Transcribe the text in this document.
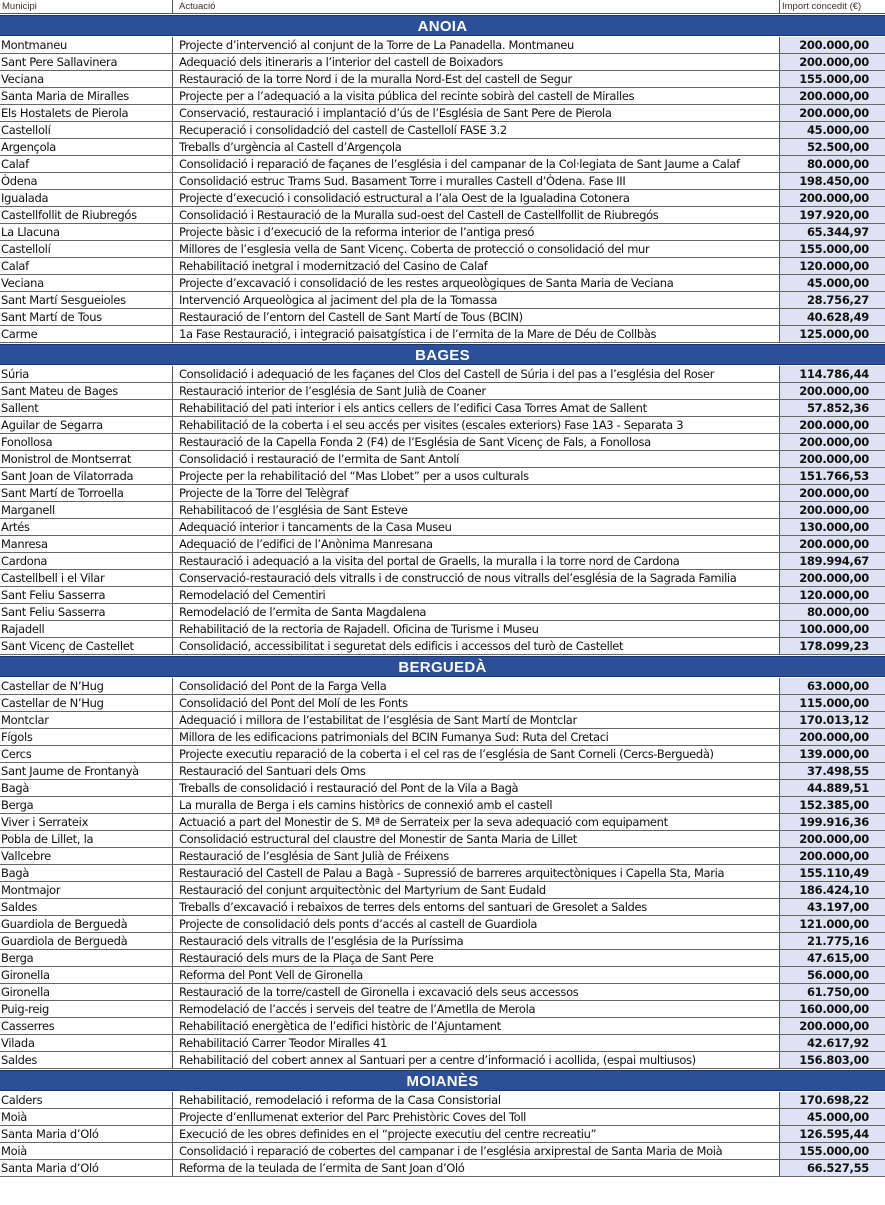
Municipi	Actuació	Import concedit (€)
ANOIA
Montmaneu	Projecte d’intervenció al conjunt de la Torre de La Panadella. Montmaneu	200.000,00
Sant Pere Sallavinera	Adequació dels itineraris a l’interior del castell de Boixadors	200.000,00
Veciana	Restauració de la torre Nord i de la muralla Nord-Est del castell de Segur	155.000,00
Santa Maria de Miralles	Projecte per a l’adequació a la visita pública del recinte sobirà del castell de Miralles	200.000,00
Els Hostalets de Pierola	Conservació, restauració i implantació d’ús de l’Església de Sant Pere de Pierola	200.000,00
Castellolí	Recuperació i consolidadció del castell de Castellolí FASE 3.2	45.000,00
Argençola	Treballs d’urgència al Castell d’Argençola	52.500,00
Calaf	Consolidació i reparació de façanes de l’església i del campanar de la Col·legiata de Sant Jaume a Calaf	80.000,00
Òdena	Consolidació estruc Trams Sud. Basament Torre i muralles Castell d’Òdena. Fase III	198.450,00
Igualada	Projecte d’execució i consolidació estructural a l’ala Oest de la Igualadina Cotonera	200.000,00
Castellfollit de Riubregós	Consolidació i Restauració de la Muralla sud-oest del Castell de Castellfollit de Riubregós	197.920,00
La Llacuna	Projecte bàsic i d’execució de la reforma interior de l’antiga presó	65.344,97
Castellolí	Millores de l’esglesia vella de Sant Vicenç. Coberta de protecció o consolidació del mur	155.000,00
Calaf	Rehabilitació inetgral i modernització del Casino de Calaf	120.000,00
Veciana	Projecte d’excavació i consolidació de les restes arqueològiques de Santa Maria de Veciana	45.000,00
Sant Martí Sesgueioles	Intervenció Arqueològica al jaciment del pla de la Tomassa	28.756,27
Sant Martí de Tous	Restauració de l’entorn del Castell de Sant Martí de Tous (BCIN)	40.628,49
Carme	1a Fase Restauració, i integració paisatgística i de l’ermita de la Mare de Déu de Collbàs	125.000,00
BAGES
Súria	Consolidació i adequació de les façanes del Clos del Castell de Súria i del pas a l’església del Roser	114.786,44
Sant Mateu de Bages	Restauració interior de l’església de Sant Julià de Coaner	200.000,00
Sallent	Rehabilitació del pati interior i els antics cellers de l’edifici Casa Torres Amat de Sallent	57.852,36
Aguilar de Segarra	Rehabilitació de la coberta i el seu accés per visites (escales exteriors) Fase 1A3 - Separata 3	200.000,00
Fonollosa	Restauració de la Capella Fonda 2 (F4) de l’Església de Sant Vicenç de Fals, a Fonollosa	200.000,00
Monistrol de Montserrat	Consolidació i restauració de l’ermita de Sant Antolí	200.000,00
Sant Joan de Vilatorrada	Projecte per la rehabilitació del “Mas Llobet” per a usos culturals	151.766,53
Sant Martí de Torroella	Projecte de la Torre del Telègraf	200.000,00
Marganell	Rehabilitacoó de l’església de Sant Esteve	200.000,00
Artés	Adequació interior i tancaments de la Casa Museu	130.000,00
Manresa	Adequació de l’edifici de l’Anònima Manresana	200.000,00
Cardona	Restauració i adequació a la visita del portal de Graells, la muralla i la torre nord de Cardona	189.994,67
Castellbell i el Vilar	Conservació-restauració dels vitralls i de construcció de nous vitralls del’església de la Sagrada Familia	200.000,00
Sant Feliu Sasserra	Remodelació del Cementiri	120.000,00
Sant Feliu Sasserra	Remodelació de l’ermita de Santa Magdalena	80.000,00
Rajadell	Rehabilitació de la rectoria de Rajadell. Oficina de Turisme i Museu	100.000,00
Sant Vicenç de Castellet	Consolidació, accessibilitat i seguretat dels edificis i accessos del turò de Castellet	178.099,23
BERGUEDÀ
Castellar de N’Hug	Consolidació del Pont de la Farga Vella	63.000,00
Castellar de N’Hug	Consolidació del Pont del Molí de les Fonts	115.000,00
Montclar	Adequació i millora de l’estabilitat de l’església de Sant Martí de Montclar	170.013,12
Fígols	Millora de les edificacions patrimonials del BCIN Fumanya Sud: Ruta del Cretaci	200.000,00
Cercs	Projecte executiu reparació de la coberta i el cel ras de l’església de Sant Corneli (Cercs-Berguedà)	139.000,00
Sant Jaume de Frontanyà	Restauració del Santuari dels Oms	37.498,55
Bagà	Treballs de consolidació i restauració del Pont de la Vila a Bagà	44.889,51
Berga	La muralla de Berga i els camins històrics de connexió amb el castell	152.385,00
Viver i Serrateix	Actuació a part del Monestir de S. Mª de Serrateix per la seva adequació com equipament	199.916,36
Pobla de Lillet, la	Consolidació estructural del claustre del Monestir de Santa Maria de Lillet	200.000,00
Vallcebre	Restauració de l’església de Sant Julià de Fréixens	200.000,00
Bagà	Restauració del Castell de Palau a Bagà - Supressió de barreres arquitectòniques i Capella Sta, Maria	155.110,49
Montmajor	Restauració del conjunt arquitectònic del Martyrium de Sant Eudald	186.424,10
Saldes	Treballs d’excavació i rebaixos de terres dels entorns del santuari de Gresolet a Saldes	43.197,00
Guardiola de Berguedà	Projecte de consolidació dels ponts d’accés al castell de Guardiola	121.000,00
Guardiola de Berguedà	Restauració dels vitralls de l’església de la Puríssima	21.775,16
Berga	Restauració dels murs de la Plaça de Sant Pere	47.615,00
Gironella	Reforma del Pont Vell de Gironella	56.000,00
Gironella	Restauració de la torre/castell de Gironella i excavació dels seus accessos	61.750,00
Puig-reig	Remodelació de l’accés i serveis del teatre de l’Ametlla de Merola	160.000,00
Casserres	Rehabilitació energètica de l’edifici històric de l’Ajuntament	200.000,00
Vilada	Rehabilitació Carrer Teodor Miralles 41	42.617,92
Saldes	Rehabilitació del cobert annex al Santuari per a centre d’informació i acollida, (espai multiusos)	156.803,00
MOIANÈS
Calders	Rehabilitació, remodelació i reforma de la Casa Consistorial	170.698,22
Moià	Projecte d’enllumenat exterior del Parc Prehistòric Coves del Toll	45.000,00
Santa Maria d’Oló	Execució de les obres definides en el “projecte executiu del centre recreatiu”	126.595,44
Moià	Consolidació i reparació de cobertes del campanar i de l’església arxiprestal de Santa Maria de Moià	155.000,00
Santa Maria d’Oló	Reforma de la teulada de l’ermita de Sant Joan d’Oló	66.527,55
